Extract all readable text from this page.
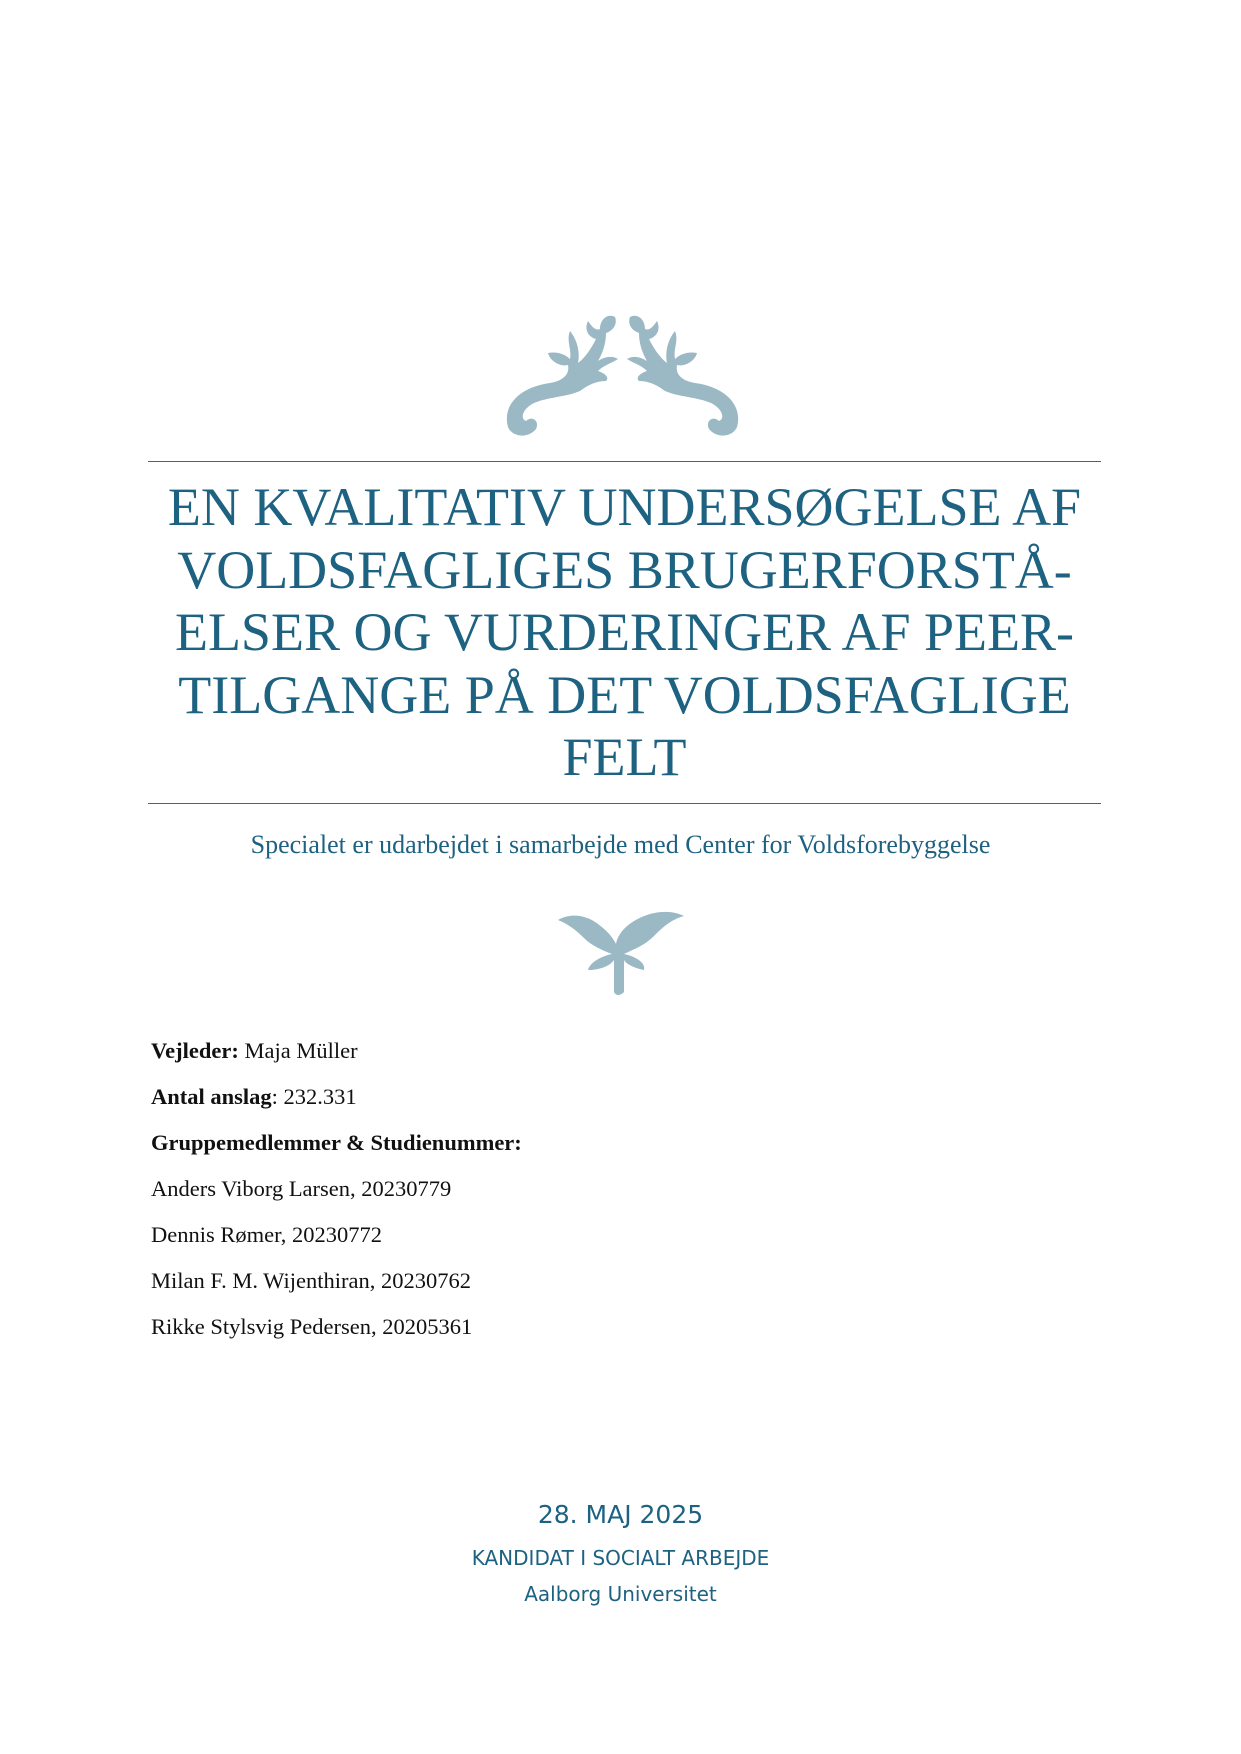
EN KVALITATIV UNDERSØGELSE AF
VOLDSFAGLIGES BRUGERFORSTÅ-
ELSER OG VURDERINGER AF PEER-
TILGANGE PÅ DET VOLDSFAGLIGE
FELT
Specialet er udarbejdet i samarbejde med Center for Voldsforebyggelse
Vejleder: Maja Müller
Antal anslag: 232.331
Gruppemedlemmer & Studienummer:
Anders Viborg Larsen, 20230779
Dennis Rømer, 20230772
Milan F. M. Wijenthiran, 20230762
Rikke Stylsvig Pedersen, 20205361
28. MAJ 2025
KANDIDAT I SOCIALT ARBEJDE
Aalborg Universitet
